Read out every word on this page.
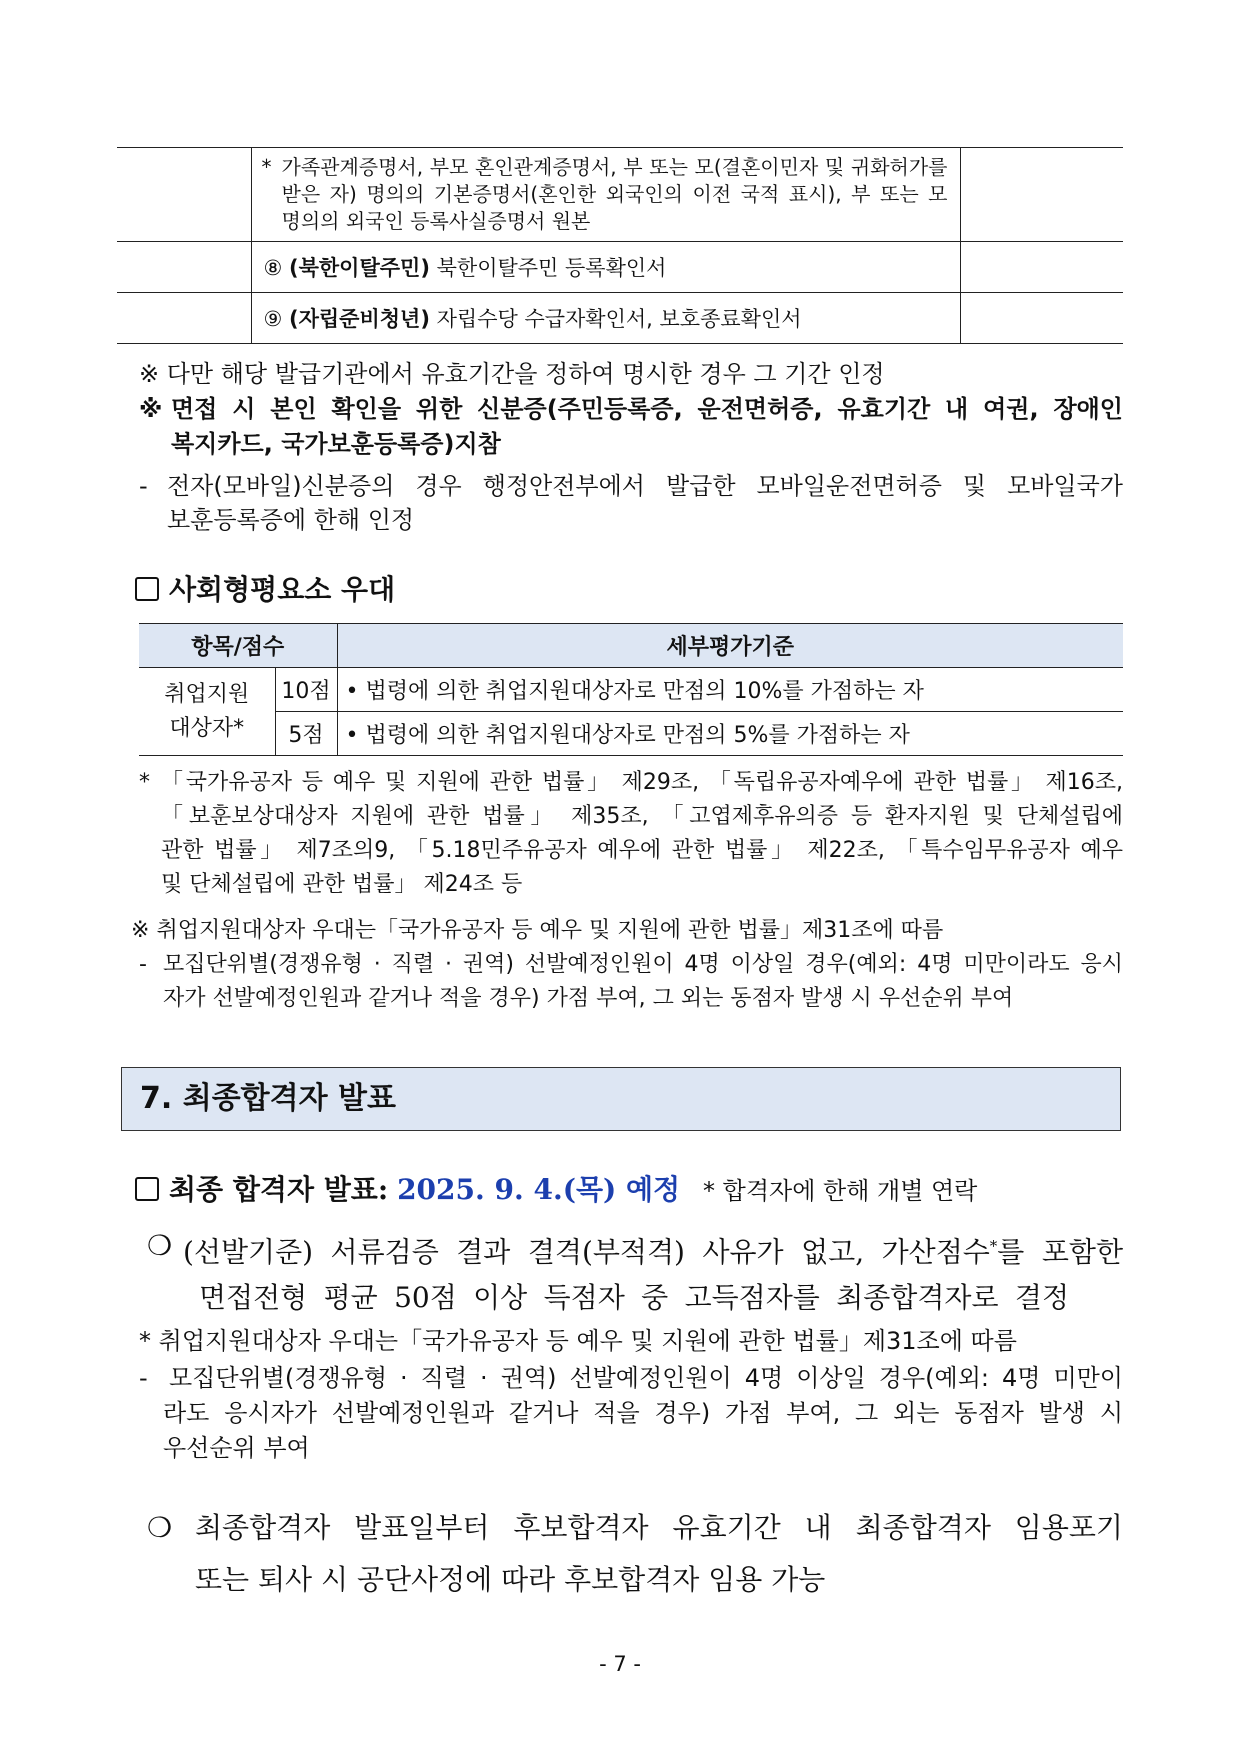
	* 가족관계증명서, 부모 혼인관계증명서, 부 또는 모(결혼이민자 및 귀화허가를
받은 자) 명의의 기본증명서(혼인한 외국인의 이전 국적 표시), 부 또는 모
명의의 외국인 등록사실증명서 원본	

	⑧ (북한이탈주민) 북한이탈주민 등록확인서	
	⑨ (자립준비청년) 자립수당 수급자확인서, 보호종료확인서	
※ 다만 해당 발급기관에서 유효기간을 정하여 명시한 경우 그 기간 인정
※ 면접 시 본인 확인을 위한 신분증(주민등록증, 운전면허증, 유효기간 내 여권, 장애인
복지카드, 국가보훈등록증)지참
- 전자(모바일)신분증의 경우 행정안전부에서 발급한 모바일운전면허증 및 모바일국가
보훈등록증에 한해 인정
사회형평요소 우대
항목/점수		세부평가기준

취업지원
대상자*	10점	• 법령에 의한 취업지원대상자로 만점의 10%를 가점하는 자
	5점	• 법령에 의한 취업지원대상자로 만점의 5%를 가점하는 자
* 「국가유공자 등 예우 및 지원에 관한 법률」 제29조, 「독립유공자예우에 관한 법률」 제16조,
「보훈보상대상자 지원에 관한 법률」 제35조, 「고엽제후유의증 등 환자지원 및 단체설립에
관한 법률」 제7조의9, 「5.18민주유공자 예우에 관한 법률」 제22조, 「특수임무유공자 예우
및 단체설립에 관한 법률」 제24조 등
※ 취업지원대상자 우대는「국가유공자 등 예우 및 지원에 관한 법률」제31조에 따름
- 모집단위별(경쟁유형 · 직렬 · 권역) 선발예정인원이 4명 이상일 경우(예외: 4명 미만이라도 응시
자가 선발예정인원과 같거나 적을 경우) 가점 부여, 그 외는 동점자 발생 시 우선순위 부여
7. 최종합격자 발표
최종 합격자 발표: 2025. 9. 4.(목) 예정 * 합격자에 한해 개별 연락
❍ (선발기준) 서류검증 결과 결격(부적격) 사유가 없고, 가산점수*를 포함한
면접전형 평균 50점 이상 득점자 중 고득점자를 최종합격자로 결정
* 취업지원대상자 우대는「국가유공자 등 예우 및 지원에 관한 법률」제31조에 따름
- 모집단위별(경쟁유형 · 직렬 · 권역) 선발예정인원이 4명 이상일 경우(예외: 4명 미만이
라도 응시자가 선발예정인원과 같거나 적을 경우) 가점 부여, 그 외는 동점자 발생 시
우선순위 부여
❍ 최종합격자 발표일부터 후보합격자 유효기간 내 최종합격자 임용포기
또는 퇴사 시 공단사정에 따라 후보합격자 임용 가능
- 7 -
